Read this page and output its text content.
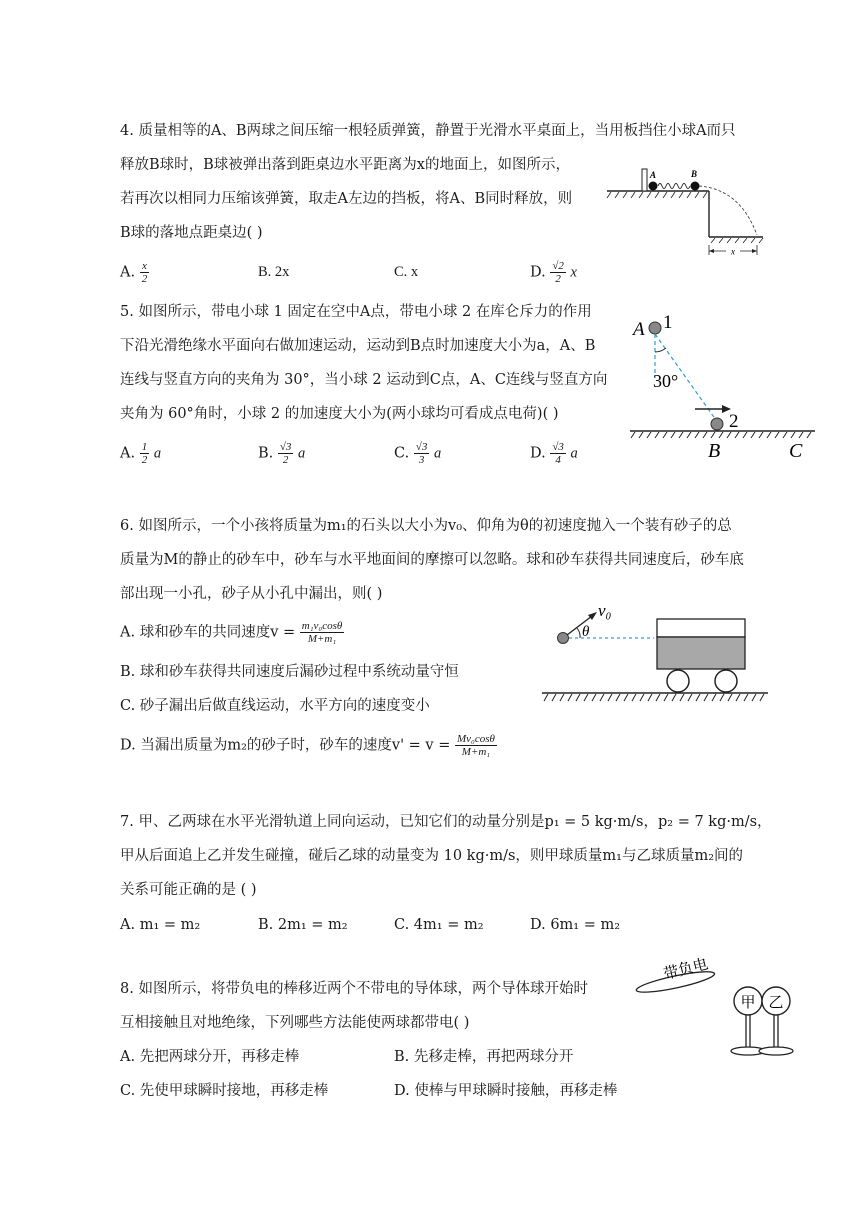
4. 质量相等的A、B两球之间压缩一根轻质弹簧，静置于光滑水平桌面上，当用板挡住小球A而只
释放B球时，B球被弹出落到距桌边水平距离为x的地面上，如图所示，
若再次以相同力压缩该弹簧，取走A左边的挡板，将A、B同时释放，则
B球的落地点距桌边( )
A. $\frac{x}{2}$	B. 2x	C. x	D. $\frac{√2}{2}$ x
x
A	B
5. 如图所示，带电小球 1 固定在空中A点，带电小球 2 在库仑斥力的作用
下沿光滑绝缘水平面向右做加速运动，运动到B点时加速度大小为a，A、B
连线与竖直方向的夹角为 30°，当小球 2 运动到C点，A、C连线与竖直方向
夹角为 60°角时，小球 2 的加速度大小为(两小球均可看成点电荷)( )
A. $\frac{1}{2}$ a	B. $\frac{√3}{2}$ a	C. $\frac{√3}{3}$ a	D. $\frac{√3}{4}$ a
A 1
30°
2
B	C
6. 如图所示，一个小孩将质量为m₁的石头以大小为v₀、仰角为θ的初速度抛入一个装有砂子的总
质量为M的静止的砂车中，砂车与水平地面间的摩擦可以忽略。球和砂车获得共同速度后，砂车底
部出现一小孔，砂子从小孔中漏出，则( )
A. 球和砂车的共同速度$v = \frac{\text{m₁v₀cosθ}}{\text{M+m₁}}$
B. 球和砂车获得共同速度后漏砂过程中系统动量守恒
C. 砂子漏出后做直线运动，水平方向的速度变小
D. 当漏出质量为m₂的砂子时，砂车的速度$v' = v = \frac{\text{Mv₀cosθ}}{\text{M+m₁}}$
v₀
θ
7. 甲、乙两球在水平光滑轨道上同向运动，已知它们的动量分别是p₁ = 5 kg·m/s，p₂ = 7 kg·m/s，
甲从后面追上乙并发生碰撞，碰后乙球的动量变为 10 kg·m/s，则甲球质量m₁与乙球质量m₂间的
关系可能正确的是 ( )
A. m₁ = m₂	B. 2m₁ = m₂	C. 4m₁ = m₂	D. 6m₁ = m₂
8. 如图所示，将带负电的棒移近两个不带电的导体球，两个导体球开始时
互相接触且对地绝缘，下列哪些方法能使两球都带电( )
A. 先把两球分开，再移走棒	B. 先移走棒，再把两球分开
C. 先使甲球瞬时接地，再移走棒	D. 使棒与甲球瞬时接触，再移走棒
带负电
甲 乙
